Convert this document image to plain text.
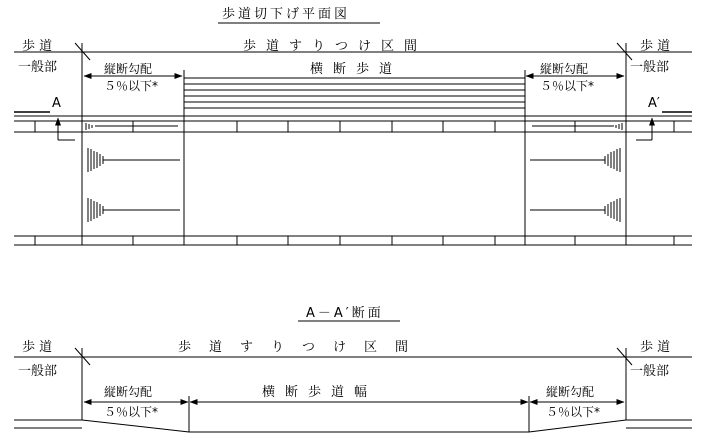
歩道切下げ平面図
歩 道	歩道すりつけ区間	歩 道
一般部	一般部
縦断勾配
５％以下*
縦断勾配
５％以下*
横断歩道
A	A′
A－A′断面
歩 道	歩道すりつけ区間	歩 道
一般部	一般部
縦断勾配	縦断勾配
横断歩道幅
５％以下*	５％以下*
